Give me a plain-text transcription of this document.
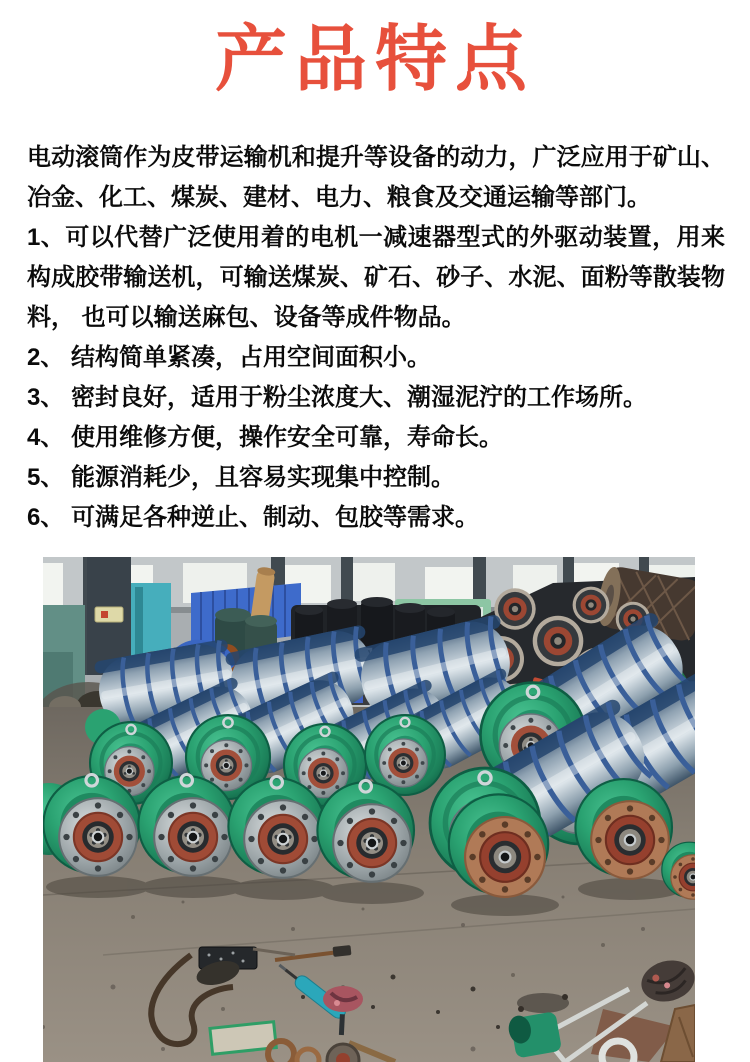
产品特点

电动滚筒作为皮带运输机和提升等设备的动力，广泛应用于矿山、冶金、化工、煤炭、建材、电力、粮食及交通运输等部门。

1、可以代替广泛使用着的电机一减速器型式的外驱动装置，用来构成胶带输送机，可输送煤炭、矿石、砂子、水泥、面粉等散装物料， 也可以输送麻包、设备等成件物品。

2、 结构简单紧凑，占用空间面积小。

3、 密封良好，适用于粉尘浓度大、潮湿泥泞的工作场所。

4、 使用维修方便，操作安全可靠，寿命长。

5、 能源消耗少，且容易实现集中控制。

6、 可满足各种逆止、制动、包胶等需求。
